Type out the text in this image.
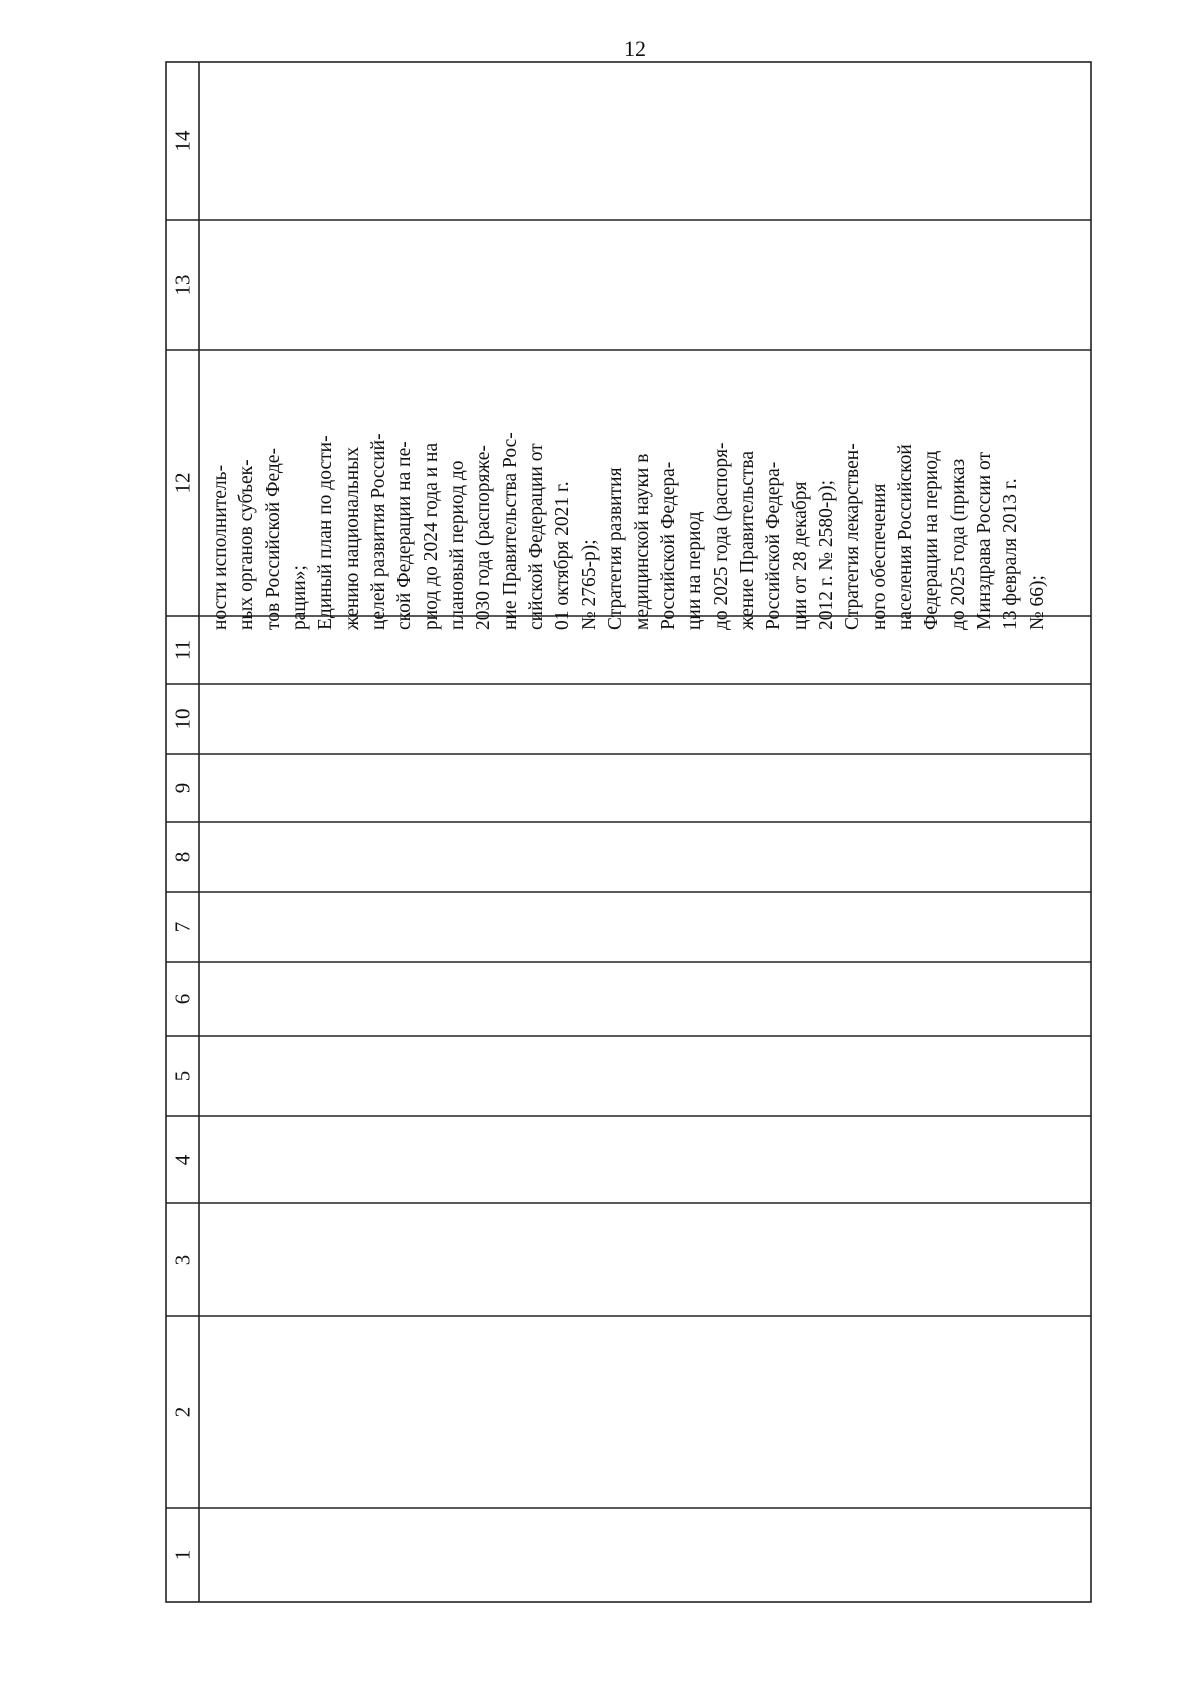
12
14
13
12
11
10
9
8
7
6
5
4
3
2
1
ности исполнитель- ных органов субъек- тов Российской Феде- рации»; Единый план по дости- жению национальных целей развития Россий- ской Федерации на пе- риод до 2024 года и на плановый период до 2030 года (распоряже- ние Правительства Рос- сийской Федерации от 01 октября 2021 г. № 2765-р); Стратегия развития медицинской науки в Российской Федера- ции на период до 2025 года (распоря- жение Правительства Российской Федера- ции от 28 декабря 2012 г. № 2580-р); Стратегия лекарствен- ного обеспечения населения Российской Федерации на период до 2025 года (приказ Минздрава России от 13 февраля 2013 г. № 66);
